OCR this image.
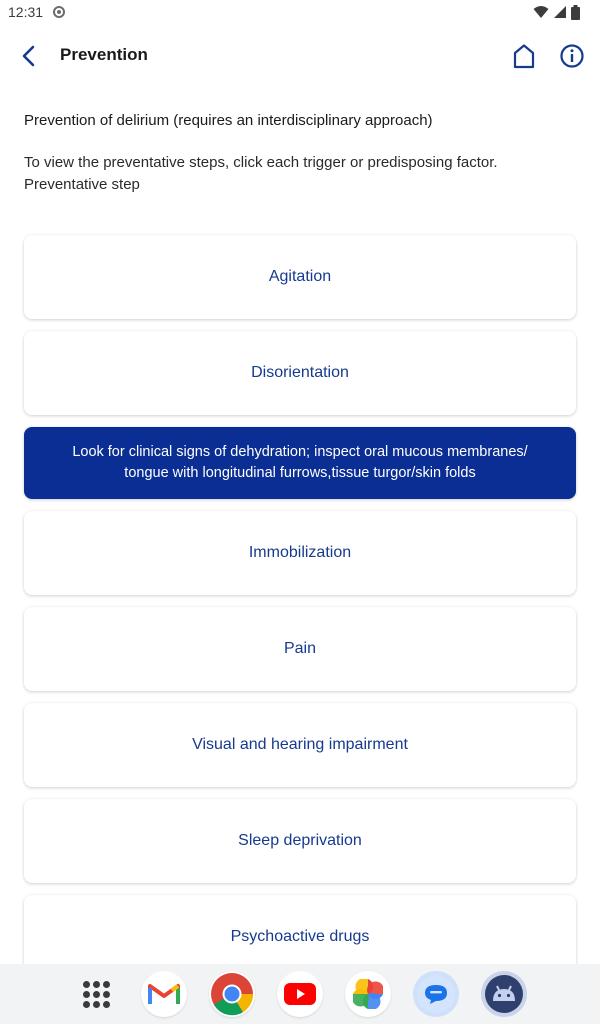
12:31
Prevention
Prevention of delirium (requires an interdisciplinary approach)
To view the preventative steps, click each trigger or predisposing factor.
Preventative step
Agitation
Disorientation
Look for clinical signs of dehydration; inspect oral mucous membranes/ tongue with longitudinal furrows,tissue turgor/skin folds
Immobilization
Pain
Visual and hearing impairment
Sleep deprivation
Psychoactive drugs
